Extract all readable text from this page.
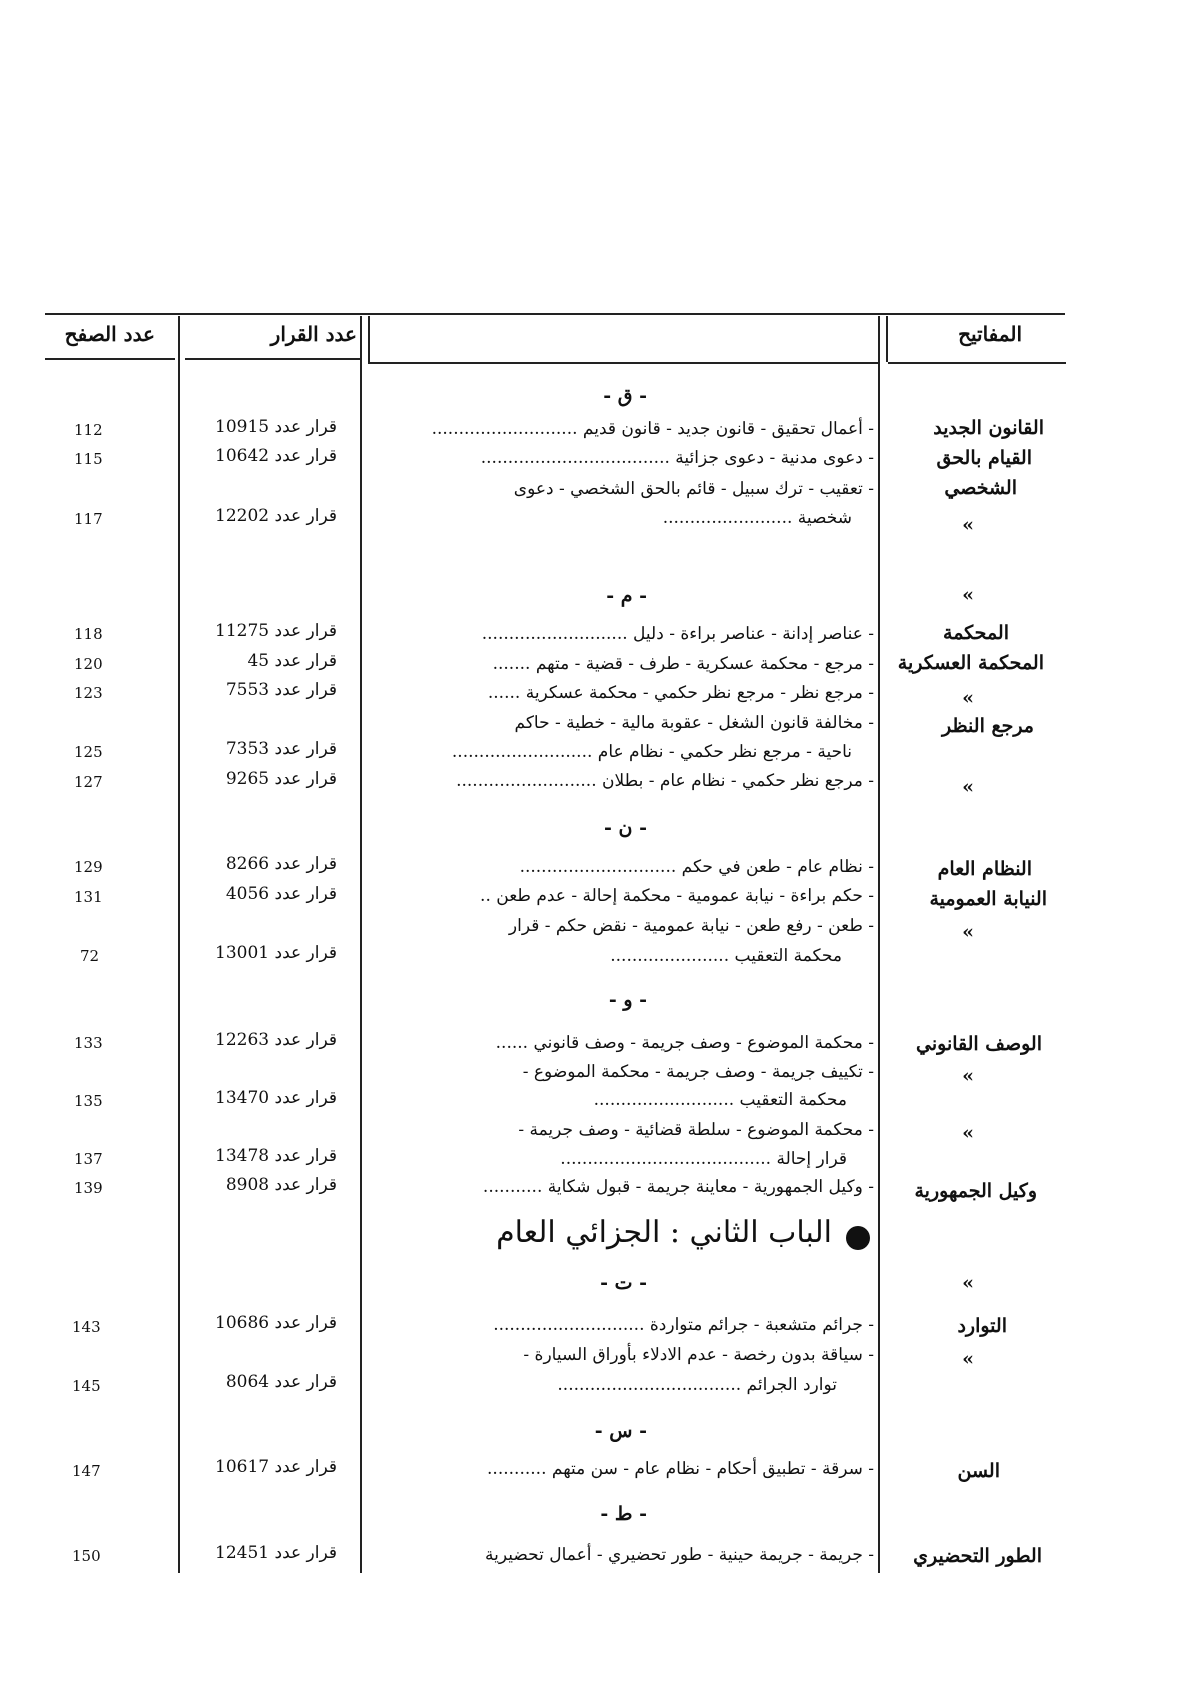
المفاتيح
عدد القرار
عدد الصفح
- ق -
- م -
- ن -
- و -
- ت -
- س -
- ط -
الباب الثاني : الجزائي العام
»
»
»
»
»
»
»
»
»
القانون الجديد
القيام بالحق
الشخصي
المحكمة
المحكمة العسكرية
مرجع النظر
النظام العام
النيابة العمومية
الوصف القانوني
وكيل الجمهورية
التوارد
السن
الطور التحضيري
- أعمال تحقيق - قانون جديد - قانون قديم ...........................
- دعوى مدنية - دعوى جزائية ...................................
- تعقيب - ترك سبيل - قائم بالحق الشخصي - دعوى
شخصية ........................
- عناصر إدانة - عناصر براءة - دليل ...........................
- مرجع - محكمة عسكرية - طرف - قضية - متهم .......
- مرجع نظر - مرجع نظر حكمي - محكمة عسكرية ......
- مخالفة قانون الشغل - عقوبة مالية - خطية - حاكم
ناحية - مرجع نظر حكمي - نظام عام ..........................
- مرجع نظر حكمي - نظام عام - بطلان ..........................
- نظام عام - طعن في حكم .............................
- حكم براءة - نيابة عمومية - محكمة إحالة - عدم طعن ..
- طعن - رفع طعن - نيابة عمومية - نقض حكم - قرار
محكمة التعقيب ......................
- محكمة الموضوع - وصف جريمة - وصف قانوني ......
- تكييف جريمة - وصف جريمة - محكمة الموضوع -
محكمة التعقيب ..........................
- محكمة الموضوع - سلطة قضائية - وصف جريمة -
قرار إحالة .......................................
- وكيل الجمهورية - معاينة جريمة - قبول شكاية ...........
- جرائم متشعبة - جرائم متواردة ............................
- سياقة بدون رخصة - عدم الادلاء بأوراق السيارة -
توارد الجرائم ..................................
- سرقة - تطبيق أحكام - نظام عام - سن متهم ...........
- جريمة - جريمة حينية - طور تحضيري - أعمال تحضيرية
قرار عدد 10915
قرار عدد 10642
قرار عدد 12202
قرار عدد 11275
قرار عدد 45
قرار عدد 7553
قرار عدد 7353
قرار عدد 9265
قرار عدد 8266
قرار عدد 4056
قرار عدد 13001
قرار عدد 12263
قرار عدد 13470
قرار عدد 13478
قرار عدد 8908
قرار عدد 10686
قرار عدد 8064
قرار عدد 10617
قرار عدد 12451
112
115
117
118
120
123
125
127
129
131
72
133
135
137
139
143
145
147
150
